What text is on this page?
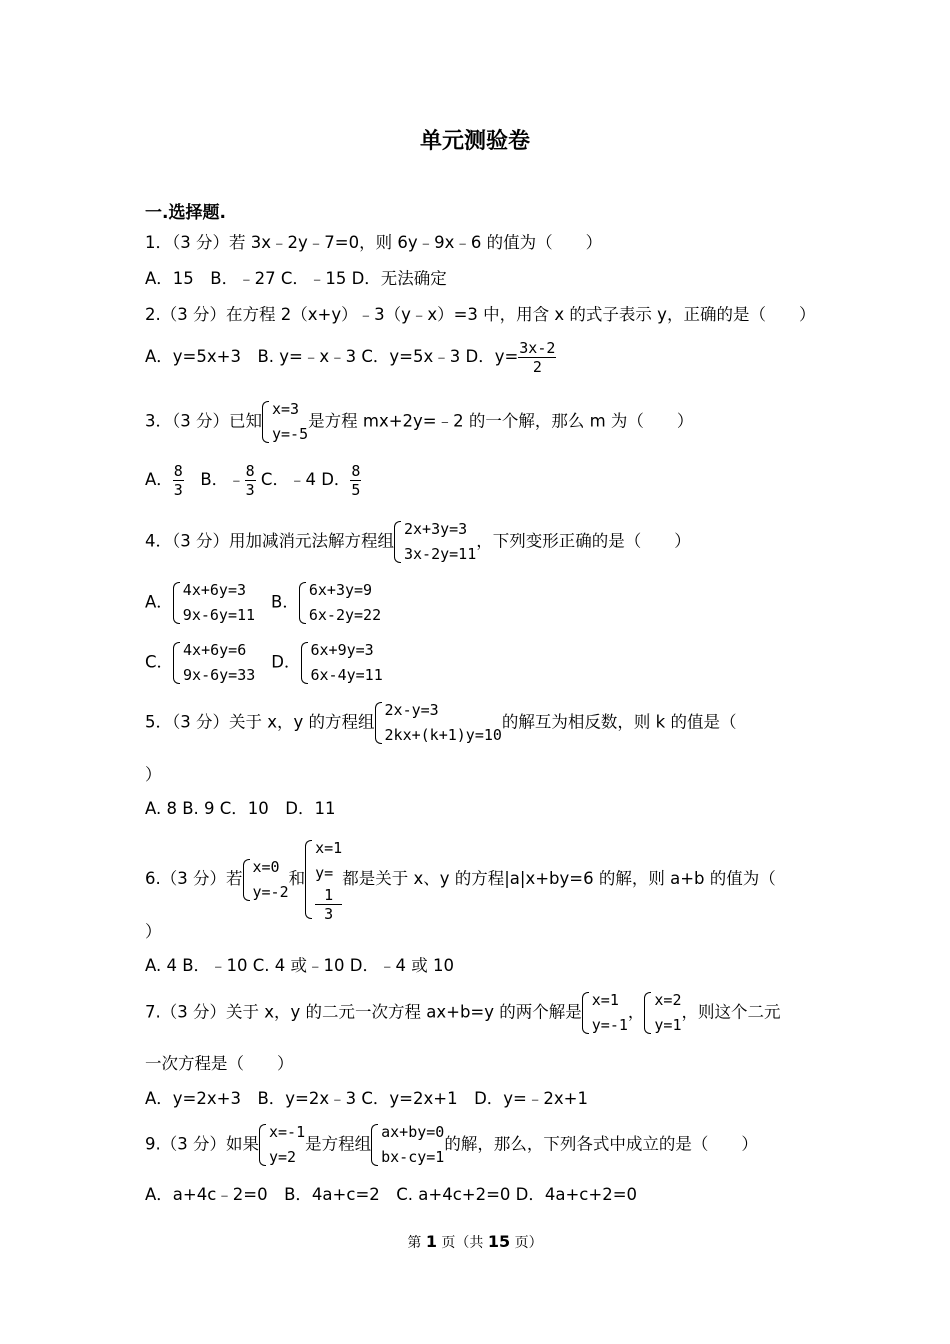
单元测验卷
一.选择题.
1．（3 分）若 3x﹣2y﹣7=0，则 6y﹣9x﹣6 的值为（　　）
A．15　B．﹣27 C．﹣15 D．无法确定
2.（3 分）在方程 2（x+y）﹣3（y﹣x）=3 中，用含 x 的式子表示 y，正确的是（　　）
A．y=5x+3　B. y=﹣x﹣3 C．y=5x﹣3 D．$y= \frac{3x-2}{2}$
3．（3 分）已知
x=3
y=-5
是方程 mx+2y=﹣2 的一个解，那么 m 为（　　）
A． $\frac{8}{3}$ 　B．﹣ $\frac{8}{3}$ C．﹣4 D． $\frac{8}{5}$
4．（3 分）用加减消元法解方程组
2x+3y=3
3x-2y=11
，下列变形正确的是（　　）
A．
4x+6y=3
9x-6y=11
B．
6x+3y=9
6x-2y=22
C．
4x+6y=6
9x-6y=33
D．
6x+9y=3
6x-4y=11
5．（3 分）关于 x，y 的方程组
2x-y=3
2kx+(k+1)y=10
的解互为相反数，则 k 的值是（
）
A. 8 B. 9 C．10　D．11
6.（3 分）若
x=0
y=-2
和
x=1
y=
1
3
都是关于 x、y 的方程|a|x+by=6 的解，则 a+b 的值为（
）
A. 4 B．﹣10 C. 4 或﹣10 D．﹣4 或 10
7.（3 分）关于 x，y 的二元一次方程 ax+b=y 的两个解是
x=1
y=-1
，
x=2
y=1
，则这个二元
一次方程是（　　）
A．y=2x+3　B．y=2x﹣3 C．y=2x+1　D．y=﹣2x+1
9.（3 分）如果
x=-1
y=2
是方程组
ax+by=0
bx-cy=1
的解，那么，下列各式中成立的是（　　）
A．a+4c﹣2=0　B．4a+c=2　C. a+4c+2=0 D．4a+c+2=0
第 1 页（共 15 页）
